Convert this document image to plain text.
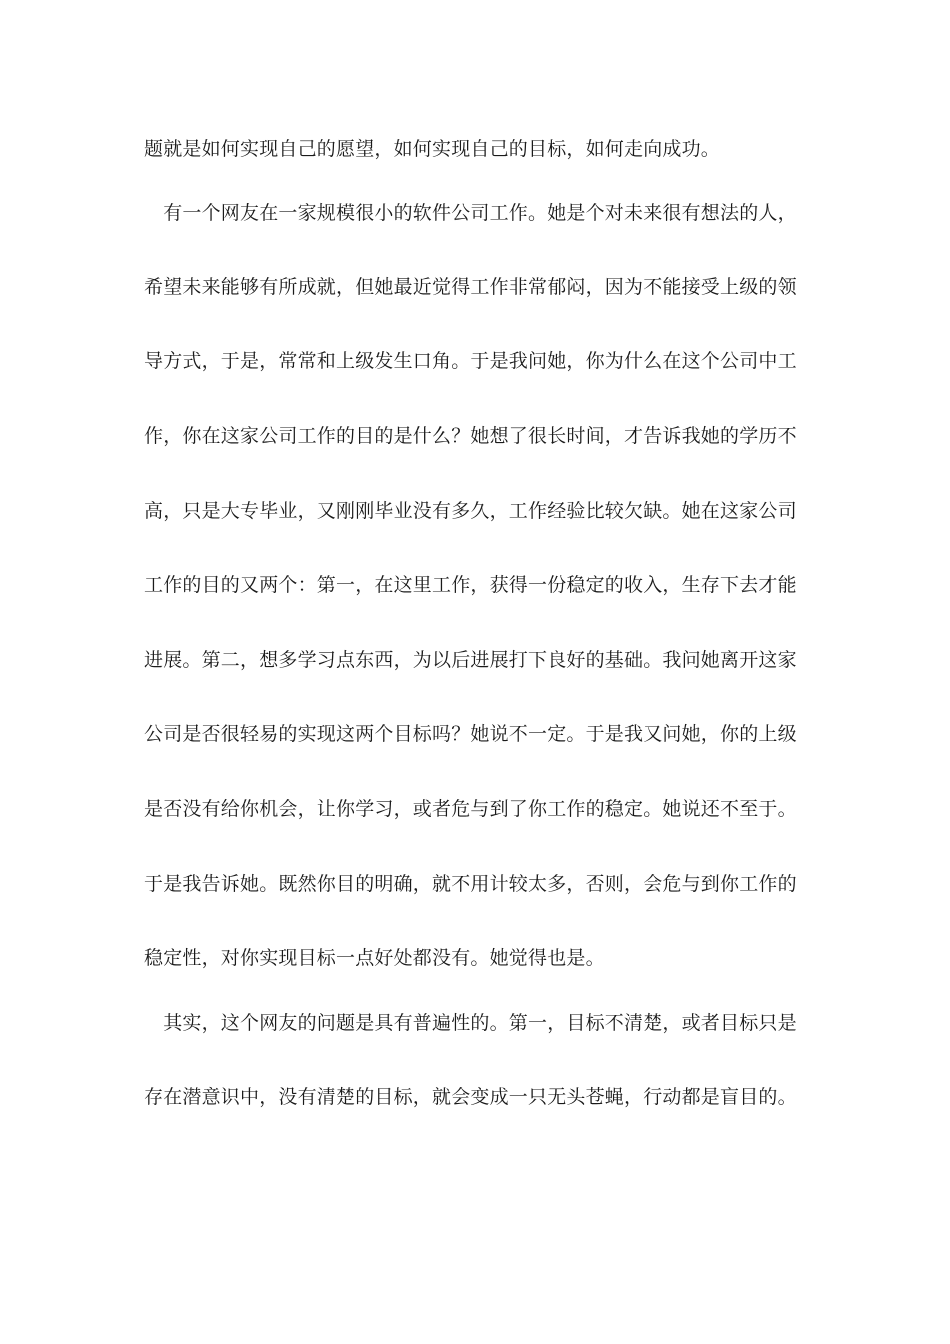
题就是如何实现自己的愿望，如何实现自己的目标，如何走向成功。
　有一个网友在一家规模很小的软件公司工作。她是个对未来很有想法的人，
希望未来能够有所成就，但她最近觉得工作非常郁闷，因为不能接受上级的领
导方式，于是，常常和上级发生口角。于是我问她，你为什么在这个公司中工
作，你在这家公司工作的目的是什么？她想了很长时间，才告诉我她的学历不
高，只是大专毕业，又刚刚毕业没有多久，工作经验比较欠缺。她在这家公司
工作的目的又两个：第一，在这里工作，获得一份稳定的收入，生存下去才能
进展。第二，想多学习点东西，为以后进展打下良好的基础。我问她离开这家
公司是否很轻易的实现这两个目标吗？她说不一定。于是我又问她，你的上级
是否没有给你机会，让你学习，或者危与到了你工作的稳定。她说还不至于。
于是我告诉她。既然你目的明确，就不用计较太多，否则，会危与到你工作的
稳定性，对你实现目标一点好处都没有。她觉得也是。
　其实，这个网友的问题是具有普遍性的。第一，目标不清楚，或者目标只是
存在潜意识中，没有清楚的目标，就会变成一只无头苍蝇，行动都是盲目的。
